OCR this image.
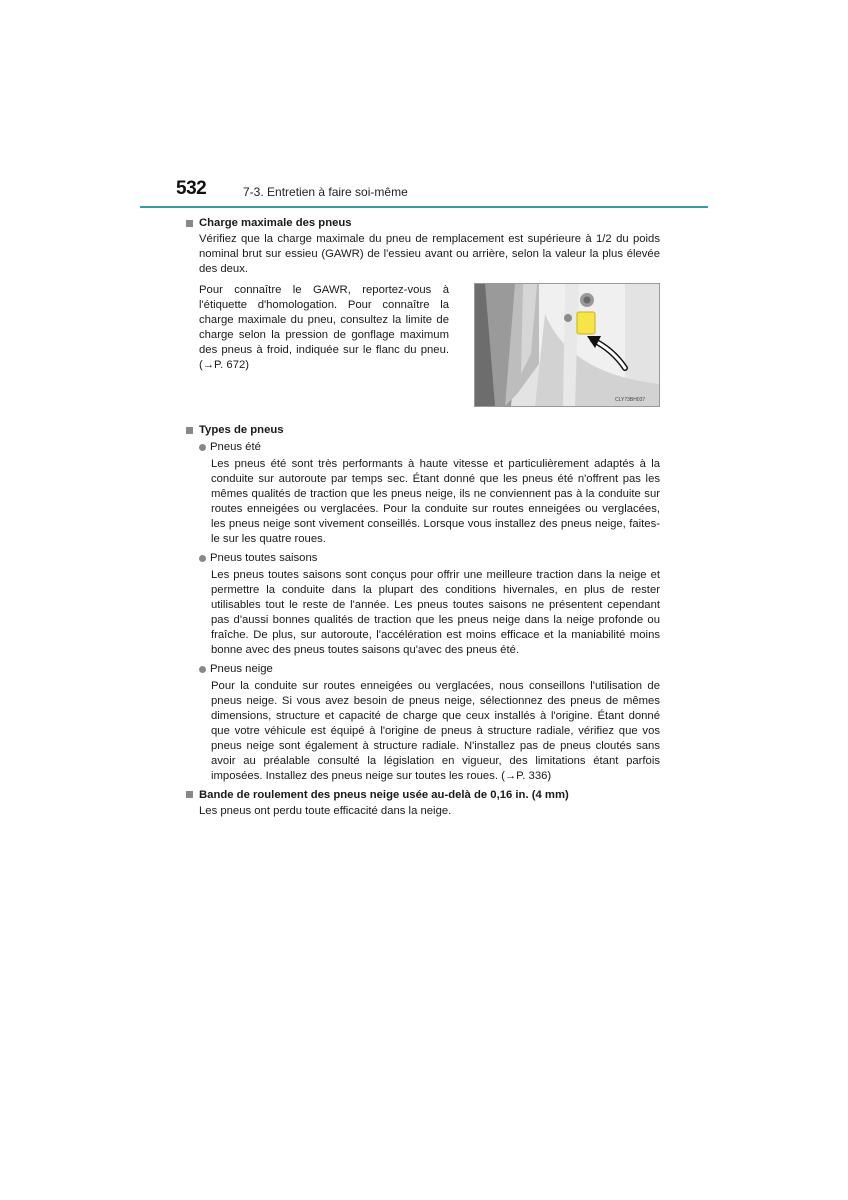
532	7-3. Entretien à faire soi-même
Charge maximale des pneus

Vérifiez que la charge maximale du pneu de remplacement est supérieure à 1/2 du poids nominal brut sur essieu (GAWR) de l'essieu avant ou arrière, selon la valeur la plus élevée des deux.

Pour connaître le GAWR, reportez-vous à l'étiquette d'homologation. Pour connaître la charge maximale du pneu, consultez la limite de charge selon la pression de gonflage maximum des pneus à froid, indiquée sur le flanc du pneu. (→P. 672)

CLY73BH037
Types de pneus
Pneus été

Les pneus été sont très performants à haute vitesse et particulièrement adaptés à la conduite sur autoroute par temps sec. Étant donné que les pneus été n'offrent pas les mêmes qualités de traction que les pneus neige, ils ne conviennent pas à la conduite sur routes enneigées ou verglacées. Pour la conduite sur routes enneigées ou verglacées, les pneus neige sont vivement conseillés. Lorsque vous installez des pneus neige, faites-le sur les quatre roues.

Pneus toutes saisons

Les pneus toutes saisons sont conçus pour offrir une meilleure traction dans la neige et permettre la conduite dans la plupart des conditions hivernales, en plus de rester utilisables tout le reste de l'année. Les pneus toutes saisons ne présentent cependant pas d'aussi bonnes qualités de traction que les pneus neige dans la neige profonde ou fraîche. De plus, sur autoroute, l'accélération est moins efficace et la maniabilité moins bonne avec des pneus toutes saisons qu'avec des pneus été.

Pneus neige

Pour la conduite sur routes enneigées ou verglacées, nous conseillons l'utilisation de pneus neige. Si vous avez besoin de pneus neige, sélectionnez des pneus de mêmes dimensions, structure et capacité de charge que ceux installés à l'origine. Étant donné que votre véhicule est équipé à l'origine de pneus à structure radiale, vérifiez que vos pneus neige sont également à structure radiale. N'installez pas de pneus cloutés sans avoir au préalable consulté la législation en vigueur, des limitations étant parfois imposées. Installez des pneus neige sur toutes les roues. (→P. 336)

Bande de roulement des pneus neige usée au-delà de 0,16 in. (4 mm)

Les pneus ont perdu toute efficacité dans la neige.
